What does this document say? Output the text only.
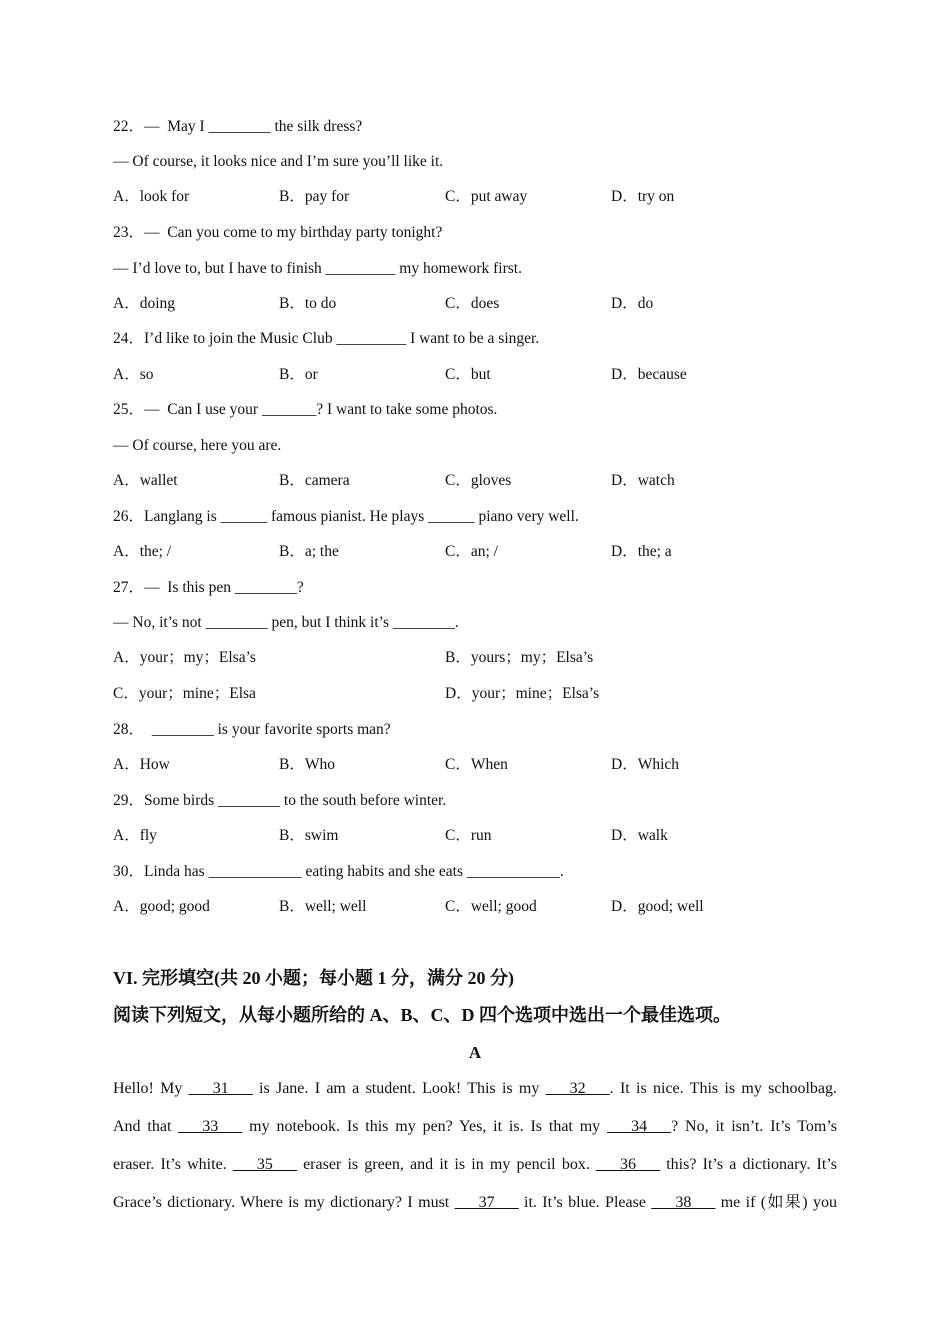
22．—  May I ________ the silk dress?
— Of course, it looks nice and I’m sure you’ll like it.
A．look for	B．pay for	C．put away	D．try on
23．—  Can you come to my birthday party tonight?
— I’d love to, but I have to finish _________ my homework first.
A．doing	B．to do	C．does	D．do
24．I’d like to join the Music Club _________ I want to be a singer.
A．so	B．or	C．but	D．because
25．—  Can I use your _______? I want to take some photos.
— Of course, here you are.
A．wallet	B．camera	C．gloves	D．watch
26．Langlang is ______ famous pianist. He plays ______ piano very well.
A．the; /	B．a; the	C．an; /	D．the; a
27．—  Is this pen ________?
— No, it’s not ________ pen, but I think it’s ________.
A．your；my；Elsa’s	B．yours；my；Elsa’s
C．your；mine；Elsa	D．your；mine；Elsa’s
28．  ________ is your favorite sports man?
A．How	B．Who	C．When	D．Which
29．Some birds ________ to the south before winter.
A．fly	B．swim	C．run	D．walk
30．Linda has ____________ eating habits and she eats ____________.
A．good; good	B．well; well	C．well; good	D．good; well
VI. 完形填空(共 20 小题；每小题 1 分，满分 20 分)
阅读下列短文，从每小题所给的 A、B、C、D 四个选项中选出一个最佳选项。
A
Hello! My ___31___ is Jane. I am a student. Look! This is my ___32___. It is nice. This is my schoolbag.
And that ___33___ my notebook. Is this my pen? Yes, it is. Is that my ___34___? No, it isn’t. It’s Tom’s
eraser. It’s white. ___35___ eraser is green, and it is in my pencil box. ___36___ this? It’s a dictionary. It’s
Grace’s dictionary. Where is my dictionary? I must ___37___ it. It’s blue. Please ___38___ me if (如果) you
